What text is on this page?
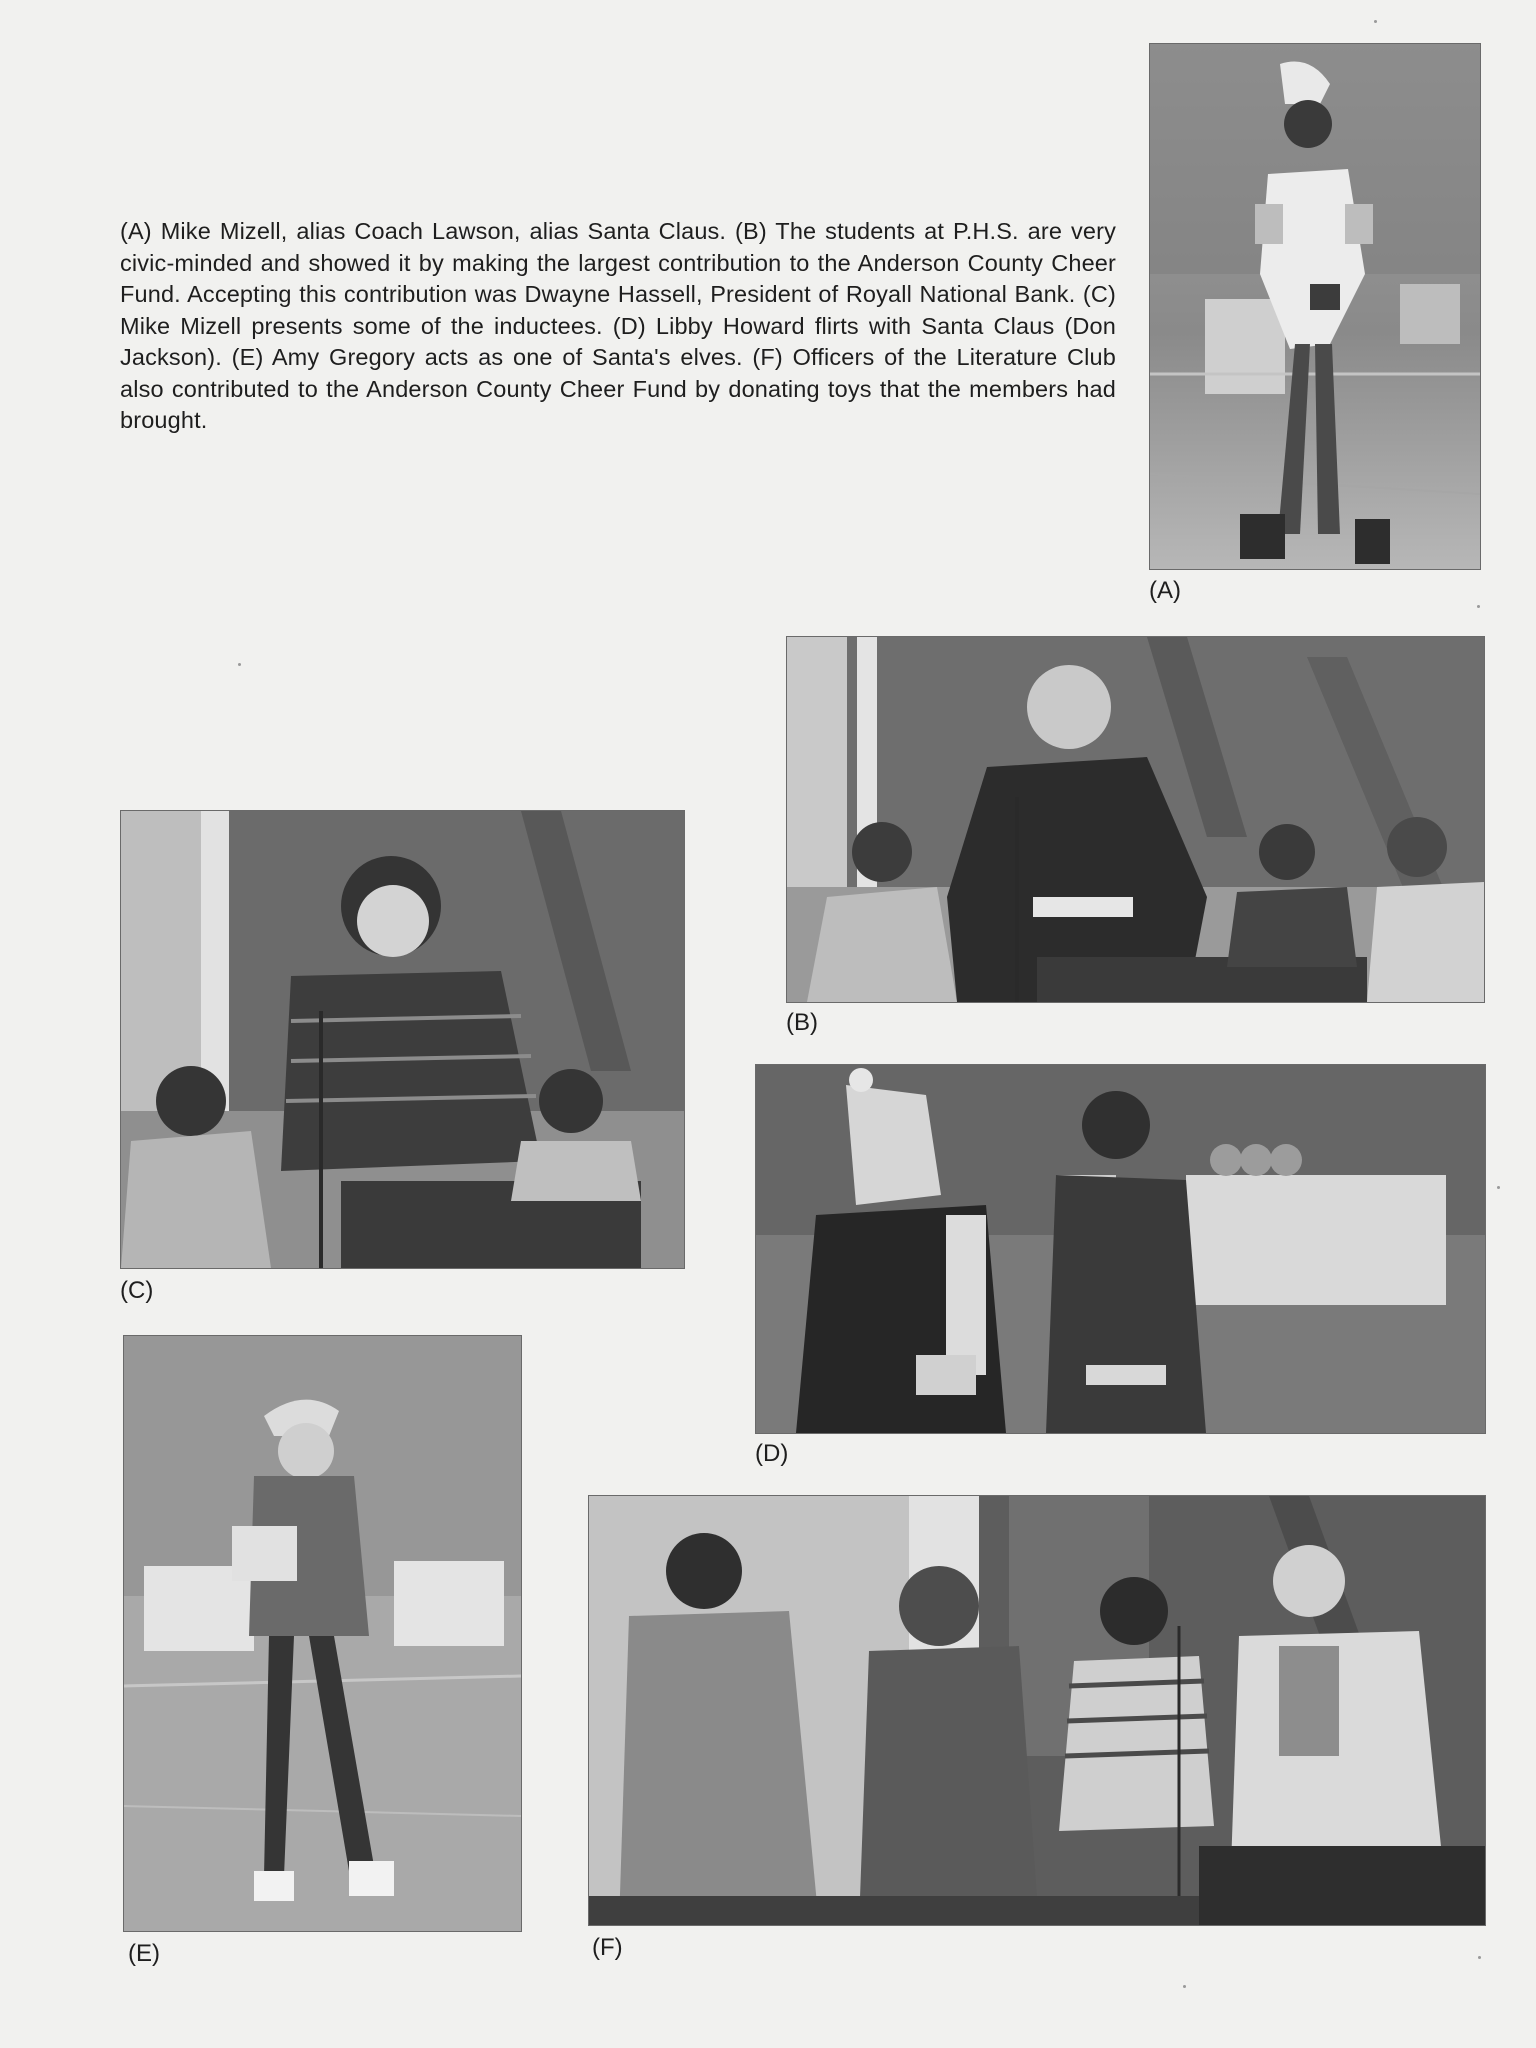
(A) Mike Mizell, alias Coach Lawson, alias Santa Claus. (B) The students at P.H.S. are very civic-minded and showed it by making the largest contribution to the Anderson County Cheer Fund. Accepting this contribution was Dwayne Hassell, President of Royall National Bank. (C) Mike Mizell presents some of the inductees. (D) Libby Howard flirts with Santa Claus (Don Jackson). (E) Amy Gregory acts as one of Santa's elves. (F) Officers of the Literature Club also contributed to the Anderson County Cheer Fund by donating toys that the members had brought.
(A)
(B)
(C)
(D)
(E)	(F)
